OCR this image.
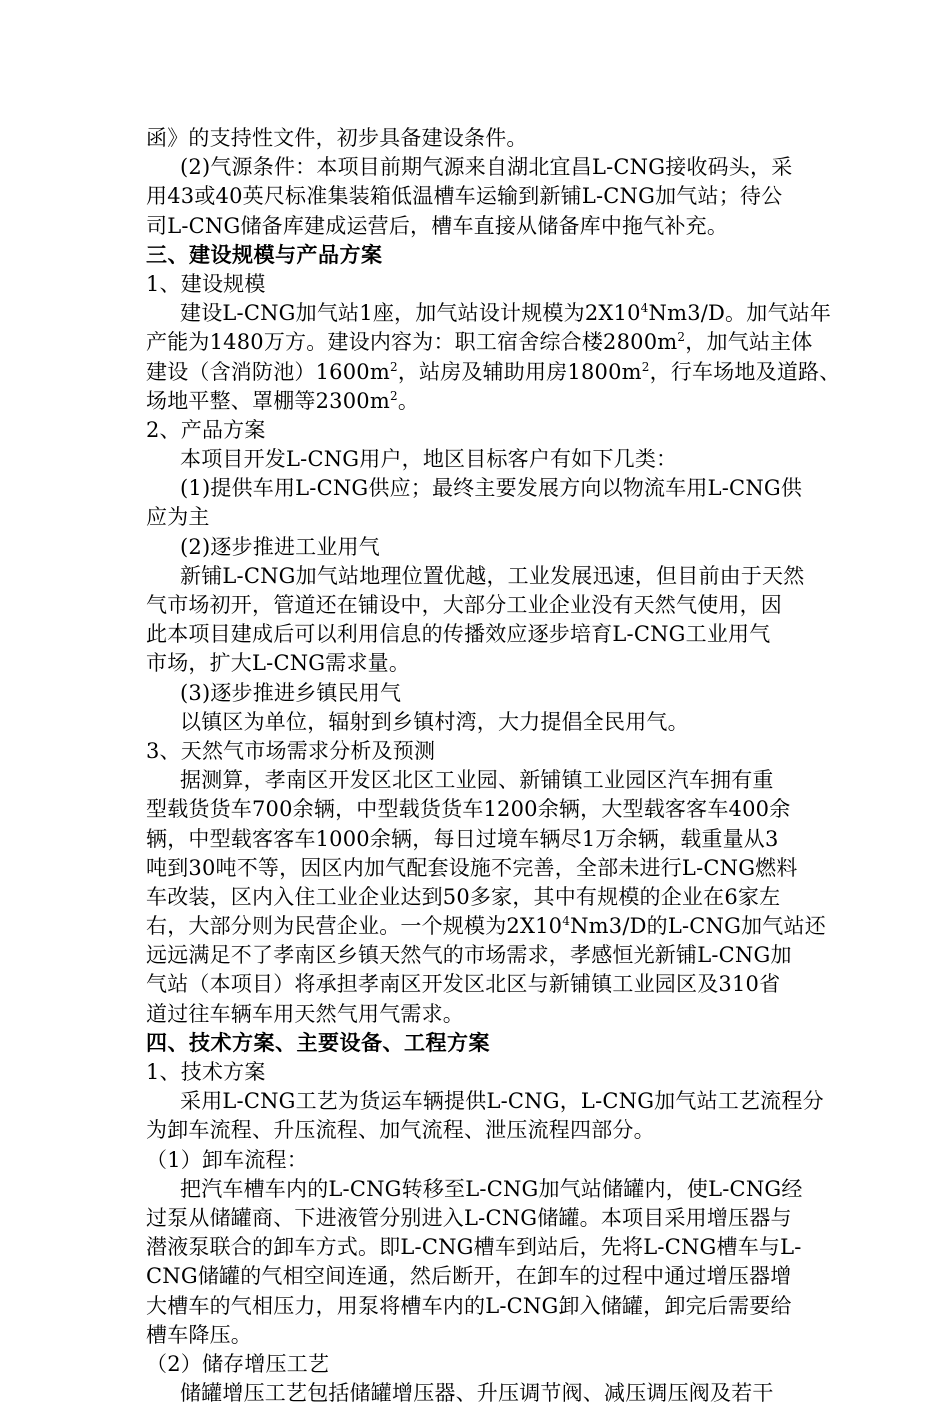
函》的支持性文件，初步具备建设条件。
(2)气源条件：本项目前期气源来自湖北宜昌L-CNG接收码头，采
用43或40英尺标准集装箱低温槽车运输到新铺L-CNG加气站；待公
司L-CNG储备库建成运营后，槽车直接从储备库中拖气补充。
三、建设规模与产品方案
1、建设规模
建设L-CNG加气站1座，加气站设计规模为$2X10^4Nm3/D$。加气站年
产能为1480万方。建设内容为：职工宿舍综合楼$2800m^2$，加气站主体
建设（含消防池）$1600m^2$，站房及辅助用房$1800m^2$，行车场地及道路、
场地平整、罩棚等$2300m^2$。
2、产品方案
本项目开发L-CNG用户，地区目标客户有如下几类：
(1)提供车用L-CNG供应；最终主要发展方向以物流车用L-CNG供
应为主
(2)逐步推进工业用气
新铺L-CNG加气站地理位置优越，工业发展迅速，但目前由于天然
气市场初开，管道还在铺设中，大部分工业企业没有天然气使用，因
此本项目建成后可以利用信息的传播效应逐步培育L-CNG工业用气
市场，扩大L-CNG需求量。
(3)逐步推进乡镇民用气
以镇区为单位，辐射到乡镇村湾，大力提倡全民用气。
3、天然气市场需求分析及预测
据测算，孝南区开发区北区工业园、新铺镇工业园区汽车拥有重
型载货货车700余辆，中型载货货车1200余辆，大型载客客车400余
辆，中型载客客车1000余辆，每日过境车辆尽1万余辆，载重量从3
吨到30吨不等，因区内加气配套设施不完善，全部未进行L-CNG燃料
车改装，区内入住工业企业达到50多家，其中有规模的企业在6家左
右，大部分则为民营企业。一个规模为$2X10^4Nm3/D$的L-CNG加气站还
远远满足不了孝南区乡镇天然气的市场需求，孝感恒光新铺L-CNG加
气站（本项目）将承担孝南区开发区北区与新铺镇工业园区及310省
道过往车辆车用天然气用气需求。
四、技术方案、主要设备、工程方案
1、技术方案
采用L-CNG工艺为货运车辆提供L-CNG，L-CNG加气站工艺流程分
为卸车流程、升压流程、加气流程、泄压流程四部分。
（1）卸车流程：
把汽车槽车内的L-CNG转移至L-CNG加气站储罐内，使L-CNG经
过泵从储罐商、下进液管分别进入L-CNG储罐。本项目采用增压器与
潜液泵联合的卸车方式。即L-CNG槽车到站后，先将L-CNG槽车与L-
CNG储罐的气相空间连通，然后断开，在卸车的过程中通过增压器增
大槽车的气相压力，用泵将槽车内的L-CNG卸入储罐，卸完后需要给
槽车降压。
（2）储存增压工艺
储罐增压工艺包括储罐增压器、升压调节阀、减压调压阀及若干
